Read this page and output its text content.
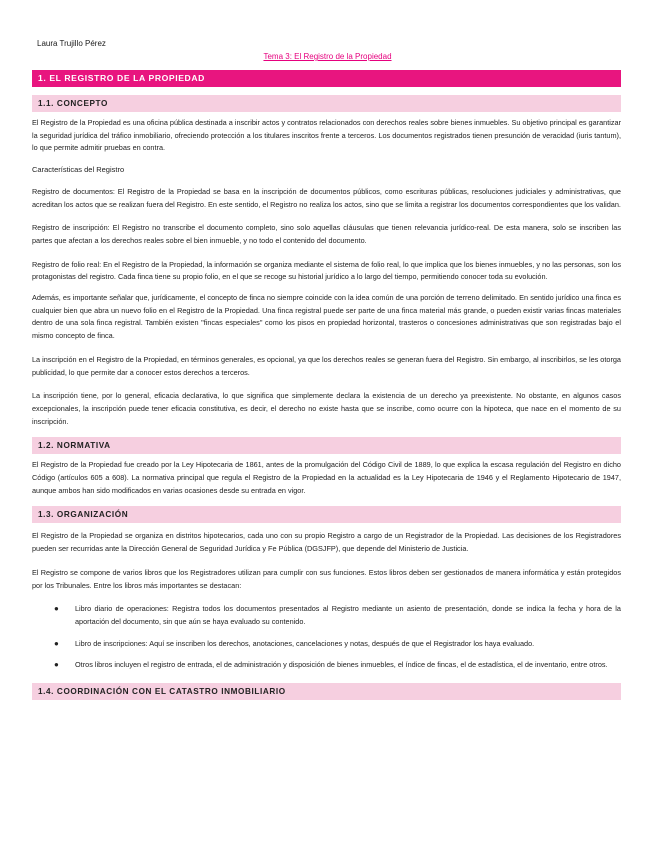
Laura Trujillo Pérez
Tema 3: El Registro de la Propiedad
1. EL REGISTRO DE LA PROPIEDAD
1.1. CONCEPTO

El Registro de la Propiedad es una oficina pública destinada a inscribir actos y contratos relacionados con derechos reales sobre bienes inmuebles. Su objetivo principal es garantizar la seguridad jurídica del tráfico inmobiliario, ofreciendo protección a los titulares inscritos frente a terceros. Los documentos registrados tienen presunción de veracidad (iuris tantum), lo que permite admitir pruebas en contra.

Características del Registro

Registro de documentos: El Registro de la Propiedad se basa en la inscripción de documentos públicos, como escrituras públicas, resoluciones judiciales y administrativas, que acreditan los actos que se realizan fuera del Registro. En este sentido, el Registro no realiza los actos, sino que se limita a registrar los documentos correspondientes que los validan.

Registro de inscripción: El Registro no transcribe el documento completo, sino solo aquellas cláusulas que tienen relevancia jurídico-real. De esta manera, solo se inscriben las partes que afectan a los derechos reales sobre el bien inmueble, y no todo el contenido del documento.

Registro de folio real: En el Registro de la Propiedad, la información se organiza mediante el sistema de folio real, lo que implica que los bienes inmuebles, y no las personas, son los protagonistas del registro. Cada finca tiene su propio folio, en el que se recoge su historial jurídico a lo largo del tiempo, permitiendo conocer toda su evolución.

Además, es importante señalar que, jurídicamente, el concepto de finca no siempre coincide con la idea común de una porción de terreno delimitado. En sentido jurídico una finca es cualquier bien que abra un nuevo folio en el Registro de la Propiedad. Una finca registral puede ser parte de una finca material más grande, o pueden existir varias fincas materiales dentro de una sola finca registral. También existen "fincas especiales" como los pisos en propiedad horizontal, trasteros o concesiones administrativas que son registradas bajo el mismo concepto de finca.

La inscripción en el Registro de la Propiedad, en términos generales, es opcional, ya que los derechos reales se generan fuera del Registro. Sin embargo, al inscribirlos, se les otorga publicidad, lo que permite dar a conocer estos derechos a terceros.

La inscripción tiene, por lo general, eficacia declarativa, lo que significa que simplemente declara la existencia de un derecho ya preexistente. No obstante, en algunos casos excepcionales, la inscripción puede tener eficacia constitutiva, es decir, el derecho no existe hasta que se inscribe, como ocurre con la hipoteca, que nace en el momento de su inscripción.

1.2. NORMATIVA

El Registro de la Propiedad fue creado por la Ley Hipotecaria de 1861, antes de la promulgación del Código Civil de 1889, lo que explica la escasa regulación del Registro en dicho Código (artículos 605 a 608). La normativa principal que regula el Registro de la Propiedad en la actualidad es la Ley Hipotecaria de 1946 y el Reglamento Hipotecario de 1947, aunque ambos han sido modificados en varias ocasiones desde su entrada en vigor.

1.3. ORGANIZACIÓN

El Registro de la Propiedad se organiza en distritos hipotecarios, cada uno con su propio Registro a cargo de un Registrador de la Propiedad. Las decisiones de los Registradores pueden ser recurridas ante la Dirección General de Seguridad Jurídica y Fe Pública (DGSJFP), que depende del Ministerio de Justicia.

El Registro se compone de varios libros que los Registradores utilizan para cumplir con sus funciones. Estos libros deben ser gestionados de manera informática y están protegidos por los Tribunales. Entre los libros más importantes se destacan:

● Libro diario de operaciones: Registra todos los documentos presentados al Registro mediante un asiento de presentación, donde se indica la fecha y hora de la aportación del documento, sin que aún se haya evaluado su contenido.
● Libro de inscripciones: Aquí se inscriben los derechos, anotaciones, cancelaciones y notas, después de que el Registrador los haya evaluado.
● Otros libros incluyen el registro de entrada, el de administración y disposición de bienes inmuebles, el índice de fincas, el de estadística, el de inventario, entre otros.
1.4. COORDINACIÓN CON EL CATASTRO INMOBILIARIO
